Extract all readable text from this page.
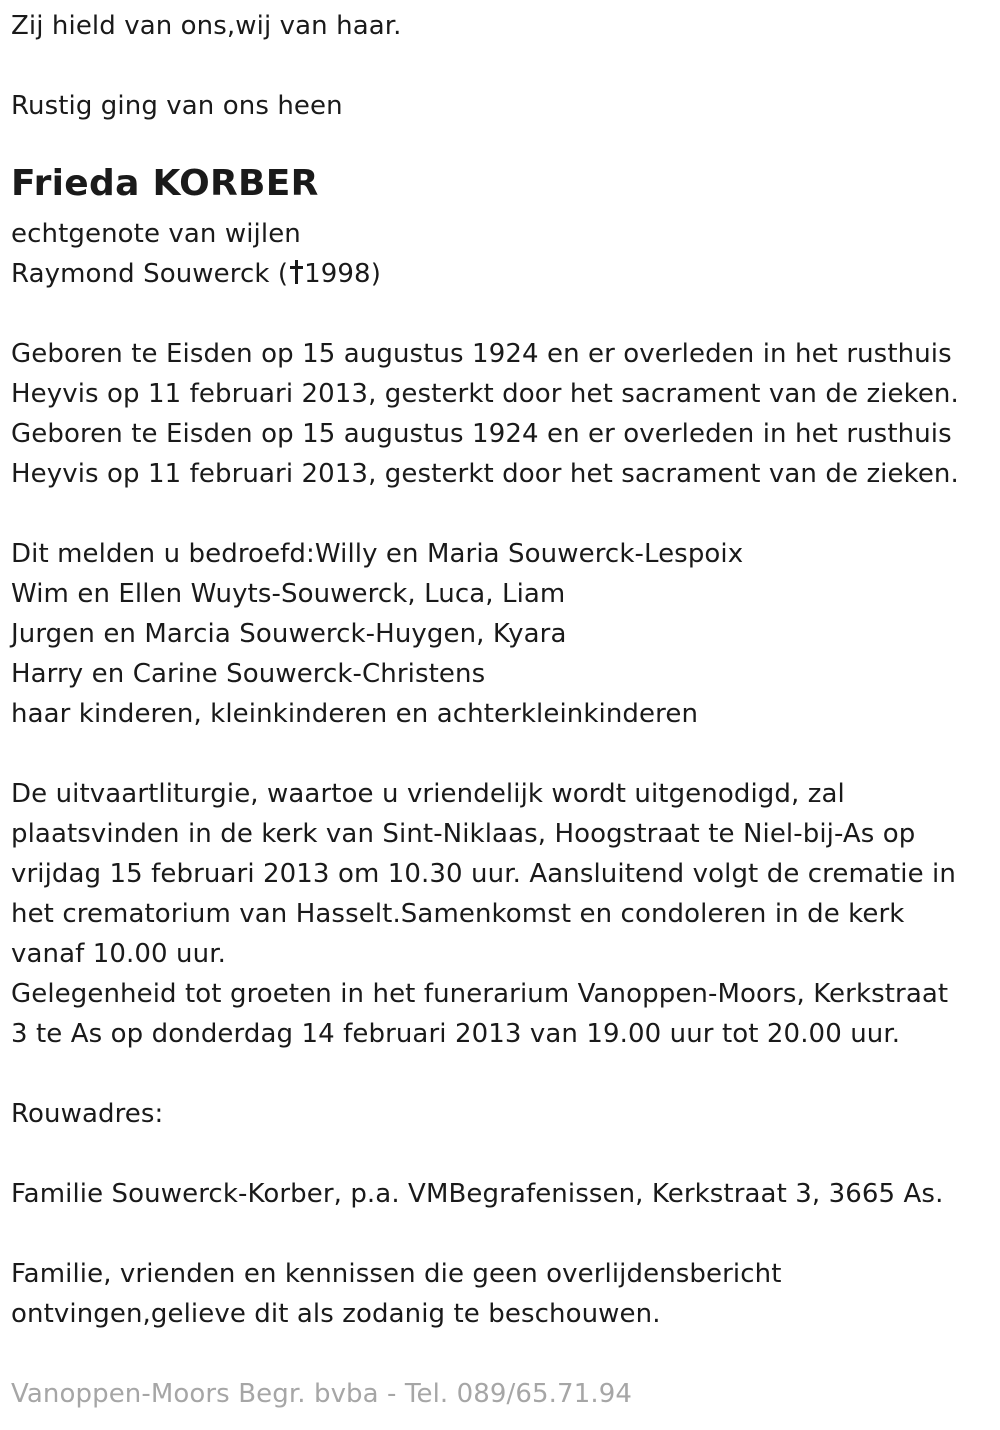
Zij hield van ons,wij van haar.

Rustig ging van ons heen

Frieda KORBER

echtgenote van wijlen

Raymond Souwerck ( 1998)

Geboren te Eisden op 15 augustus 1924 en er overleden in het rusthuis

Heyvis op 11 februari 2013, gesterkt door het sacrament van de zieken.

Geboren te Eisden op 15 augustus 1924 en er overleden in het rusthuis

Heyvis op 11 februari 2013, gesterkt door het sacrament van de zieken.

Dit melden u bedroefd:Willy en Maria Souwerck-Lespoix

Wim en Ellen Wuyts-Souwerck, Luca, Liam

Jurgen en Marcia Souwerck-Huygen, Kyara

Harry en Carine Souwerck-Christens

haar kinderen, kleinkinderen en achterkleinkinderen

De uitvaartliturgie, waartoe u vriendelijk wordt uitgenodigd, zal

plaatsvinden in de kerk van Sint-Niklaas, Hoogstraat te Niel-bij-As op

vrijdag 15 februari 2013 om 10.30 uur. Aansluitend volgt de crematie in

het crematorium van Hasselt.Samenkomst en condoleren in de kerk

vanaf 10.00 uur.

Gelegenheid tot groeten in het funerarium Vanoppen-Moors, Kerkstraat

3 te As op donderdag 14 februari 2013 van 19.00 uur tot 20.00 uur.

Rouwadres:

Familie Souwerck-Korber, p.a. VMBegrafenissen, Kerkstraat 3, 3665 As.

Familie, vrienden en kennissen die geen overlijdensbericht

ontvingen,gelieve dit als zodanig te beschouwen.

Vanoppen-Moors Begr. bvba - Tel. 089/65.71.94
